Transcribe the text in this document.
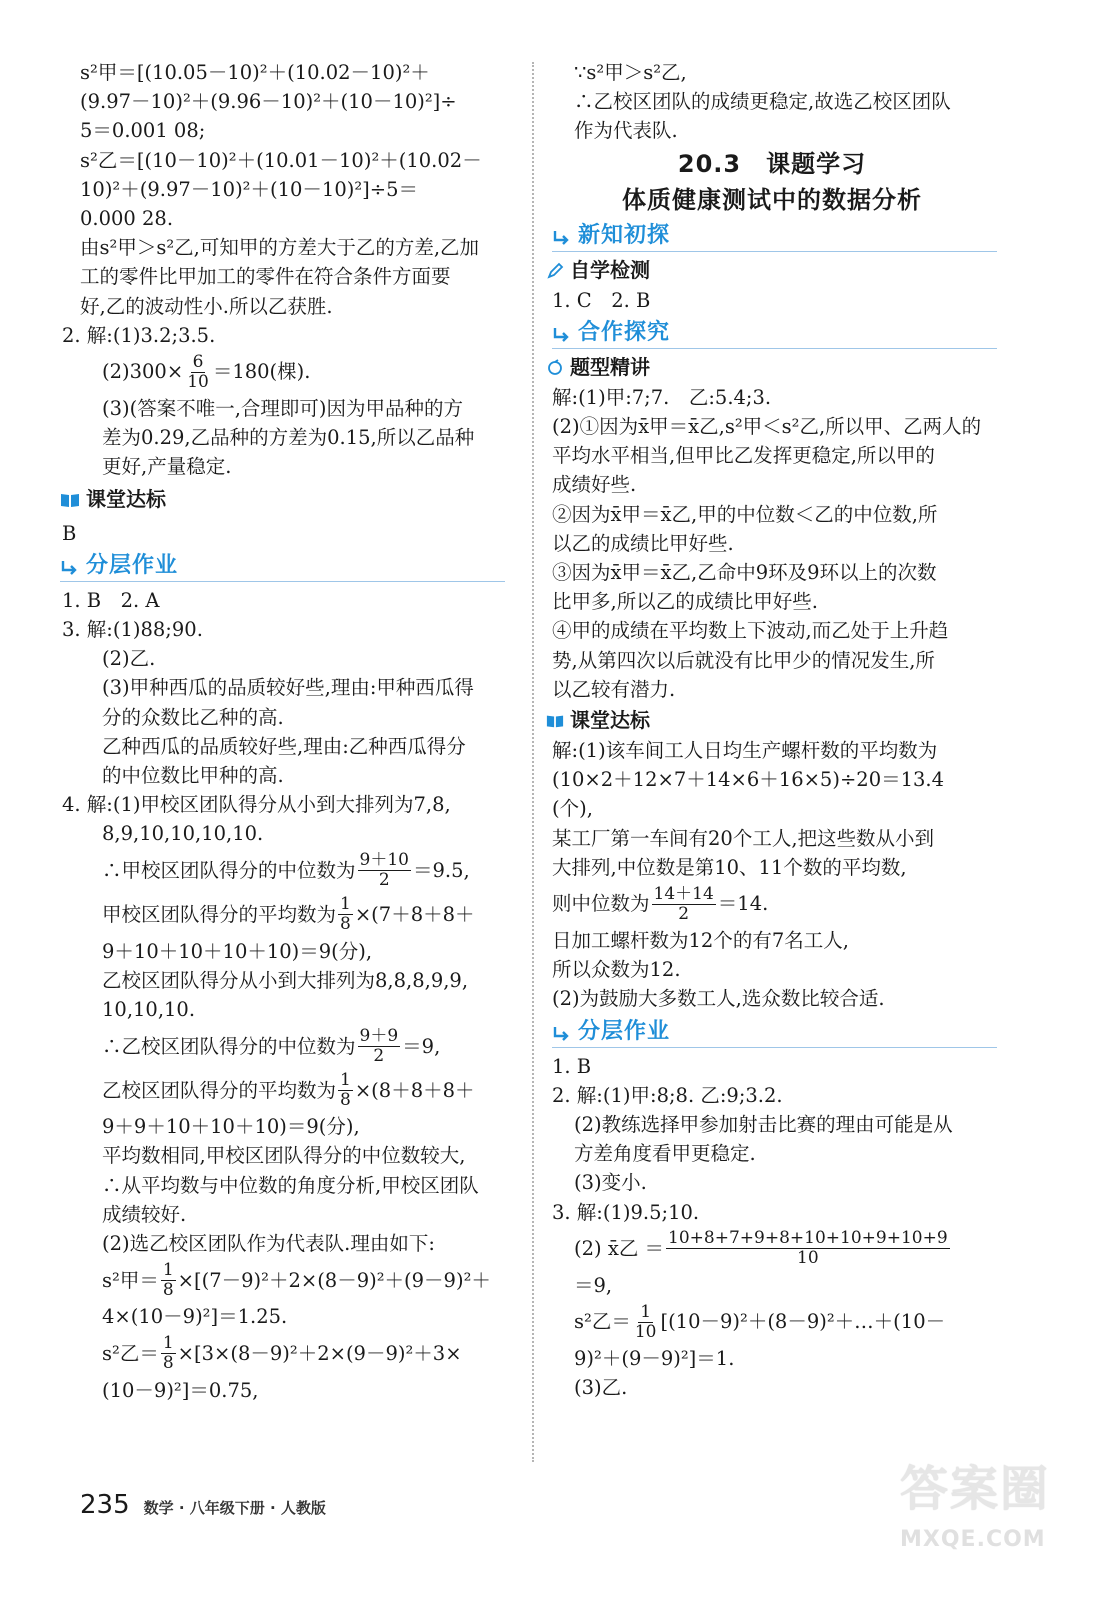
s²甲＝[(10.05－10)²＋(10.02－10)²＋
(9.97－10)²＋(9.96－10)²＋(10－10)²]÷
5＝0.001 08;
s²乙＝[(10－10)²＋(10.01－10)²＋(10.02－
10)²＋(9.97－10)²＋(10－10)²]÷5＝
0.000 28.
由s²甲＞s²乙,可知甲的方差大于乙的方差,乙加
工的零件比甲加工的零件在符合条件方面要
好,乙的波动性小.所以乙获胜.
2. 解:(1)3.2;3.5.
$(2)300\times \frac{6}{10} =180$(棵).
(3)(答案不唯一,合理即可)因为甲品种的方
差为0.29,乙品种的方差为0.15,所以乙品种
更好,产量稳定.
课堂达标
B
分层作业
1. B　2. A
3. 解:(1)88;90.
(2)乙.
(3)甲种西瓜的品质较好些,理由:甲种西瓜得
分的众数比乙种的高.
乙种西瓜的品质较好些,理由:乙种西瓜得分
的中位数比甲种的高.
4. 解:(1)甲校区团队得分从小到大排列为7,8,
8,9,10,10,10,10.
∴甲校区团队得分的中位数为 $\frac{9+10}{2} =9.5$,
甲校区团队得分的平均数为 $\frac{1}{8} \times(7+8+8+$
9＋10＋10＋10＋10)＝9(分),
乙校区团队得分从小到大排列为8,8,8,9,9,
10,10,10.
∴乙校区团队得分的中位数为 $\frac{9+9}{2} =9$,
乙校区团队得分的平均数为 $\frac{1}{8} \times(8+8+8+$
9＋9＋10＋10＋10)＝9(分),
平均数相同,甲校区团队得分的中位数较大,
∴从平均数与中位数的角度分析,甲校区团队
成绩较好.
(2)选乙校区团队作为代表队.理由如下:
s²甲＝ $\frac{1}{8} \times[(7-9)^2+2\times(8-9)^2+(9-9)^2+$
4×(10－9)²]＝1.25.
s²乙＝ $\frac{1}{8} \times[3\times(8-9)^2+2\times(9-9)^2+3\times$
(10－9)²]＝0.75,
∵s²甲＞s²乙,
∴乙校区团队的成绩更稳定,故选乙校区团队
作为代表队.
20.3　课题学习
体质健康测试中的数据分析
新知初探
自学检测
1. C　2. B
合作探究
题型精讲
解:(1)甲:7;7.　乙:5.4;3.
(2)①因为x̄甲＝x̄乙,s²甲＜s²乙,所以甲、乙两人的
平均水平相当,但甲比乙发挥更稳定,所以甲的
成绩好些.
②因为x̄甲＝x̄乙,甲的中位数＜乙的中位数,所
以乙的成绩比甲好些.
③因为x̄甲＝x̄乙,乙命中9环及9环以上的次数
比甲多,所以乙的成绩比甲好些.
④甲的成绩在平均数上下波动,而乙处于上升趋
势,从第四次以后就没有比甲少的情况发生,所
以乙较有潜力.
课堂达标
解:(1)该车间工人日均生产螺杆数的平均数为
(10×2＋12×7＋14×6＋16×5)÷20＝13.4
(个),
某工厂第一车间有20个工人,把这些数从小到
大排列,中位数是第10、11个数的平均数,
则中位数为 $\frac{14+14}{2} =14$.
日加工螺杆数为12个的有7名工人,
所以众数为12.
(2)为鼓励大多数工人,选众数比较合适.
分层作业
1. B
2. 解:(1)甲:8;8. 乙:9;3.2.
(2)教练选择甲参加射击比赛的理由可能是从
方差角度看甲更稳定.
(3)变小.
3. 解:(1)9.5;10.
(2) x̄乙 ＝ $\frac{10+8+7+9+8+10+10+9+10+9}{10}$
＝9,
s²乙＝ $\frac{1}{10}$ [(10－9)²＋(8－9)²＋…＋(10－
9)²＋(9－9)²]＝1.
(3)乙.
235 数学 · 八年级下册 · 人教版	答案圈
MXQE.COM
